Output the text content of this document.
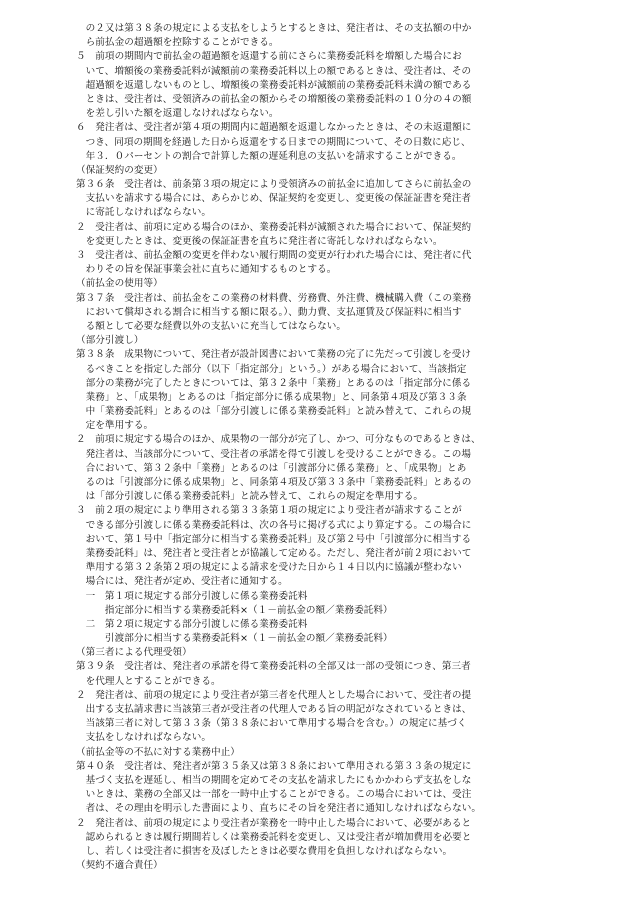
　の２又は第３８条の規定による支払をしようとするときは、発注者は、その支払額の中か
　ら前払金の超過額を控除することができる。
５　前項の期間内で前払金の超過額を返還する前にさらに業務委託料を増額した場合にお
　いて、増額後の業務委託料が減額前の業務委託料以上の額であるときは、受注者は、その
　超過額を返還しないものとし、増額後の業務委託料が減額前の業務委託料未満の額である
　ときは、受注者は、受領済みの前払金の額からその増額後の業務委託料の１０分の４の額
　を差し引いた額を返還しなければならない。
６　発注者は、受注者が第４項の期間内に超過額を返還しなかったときは、その未返還額に
　つき、同項の期間を経過した日から返還をする日までの期間について、その日数に応じ、
　年３．０パーセントの割合で計算した額の遅延利息の支払いを請求することができる。
（保証契約の変更）
第３６条　受注者は、前条第３項の規定により受領済みの前払金に追加してさらに前払金の
　支払いを請求する場合には、あらかじめ、保証契約を変更し、変更後の保証証書を発注者
　に寄託しなければならない。
２　受注者は、前項に定める場合のほか、業務委託料が減額された場合において、保証契約
　を変更したときは、変更後の保証証書を直ちに発注者に寄託しなければならない。
３　受注者は、前払金額の変更を伴わない履行期間の変更が行われた場合には、発注者に代
　わりその旨を保証事業会社に直ちに通知するものとする。
（前払金の使用等）
第３７条　受注者は、前払金をこの業務の材料費、労務費、外注費、機械購入費（この業務
　において償却される割合に相当する額に限る。）、動力費、支払運賃及び保証料に相当す
　る額として必要な経費以外の支払いに充当してはならない。
（部分引渡し）
第３８条　成果物について、発注者が設計図書において業務の完了に先だって引渡しを受け
　るべきことを指定した部分（以下「指定部分」という。）がある場合において、当該指定
　部分の業務が完了したときについては、第３２条中「業務」とあるのは「指定部分に係る
　業務」と、「成果物」とあるのは「指定部分に係る成果物」と、同条第４項及び第３３条
　中「業務委託料」とあるのは「部分引渡しに係る業務委託料」と読み替えて、これらの規
　定を準用する。
２　前項に規定する場合のほか、成果物の一部分が完了し、かつ、可分なものであるときは、
　発注者は、当該部分について、受注者の承諾を得て引渡しを受けることができる。この場
　合において、第３２条中「業務」とあるのは「引渡部分に係る業務」と、「成果物」とあ
　るのは「引渡部分に係る成果物」と、同条第４項及び第３３条中「業務委託料」とあるの
　は「部分引渡しに係る業務委託料」と読み替えて、これらの規定を準用する。
３　前２項の規定により準用される第３３条第１項の規定により受注者が請求することが
　できる部分引渡しに係る業務委託料は、次の各号に掲げる式により算定する。この場合に
　おいて、第１号中「指定部分に相当する業務委託料」及び第２号中「引渡部分に相当する
　業務委託料」は、発注者と受注者とが協議して定める。ただし、発注者が前２項において
　準用する第３２条第２項の規定による請求を受けた日から１４日以内に協議が整わない
　場合には、発注者が定め、受注者に通知する。
　一　第１項に規定する部分引渡しに係る業務委託料
　　　指定部分に相当する業務委託料×（１－前払金の額／業務委託料）
　二　第２項に規定する部分引渡しに係る業務委託料
　　　引渡部分に相当する業務委託料×（１－前払金の額／業務委託料）
（第三者による代理受領）
第３９条　受注者は、発注者の承諾を得て業務委託料の全部又は一部の受領につき、第三者
　を代理人とすることができる。
２　発注者は、前項の規定により受注者が第三者を代理人とした場合において、受注者の提
　出する支払請求書に当該第三者が受注者の代理人である旨の明記がなされているときは、
　当該第三者に対して第３３条（第３８条において準用する場合を含む。）の規定に基づく
　支払をしなければならない。
（前払金等の不払に対する業務中止）
第４０条　受注者は、発注者が第３５条又は第３８条において準用される第３３条の規定に
　基づく支払を遅延し、相当の期間を定めてその支払を請求したにもかかわらず支払をしな
　いときは、業務の全部又は一部を一時中止することができる。この場合においては、受注
　者は、その理由を明示した書面により、直ちにその旨を発注者に通知しなければならない。
２　発注者は、前項の規定により受注者が業務を一時中止した場合において、必要があると
　認められるときは履行期間若しくは業務委託料を変更し、又は受注者が増加費用を必要と
　し、若しくは受注者に損害を及ぼしたときは必要な費用を負担しなければならない。
（契約不適合責任）
